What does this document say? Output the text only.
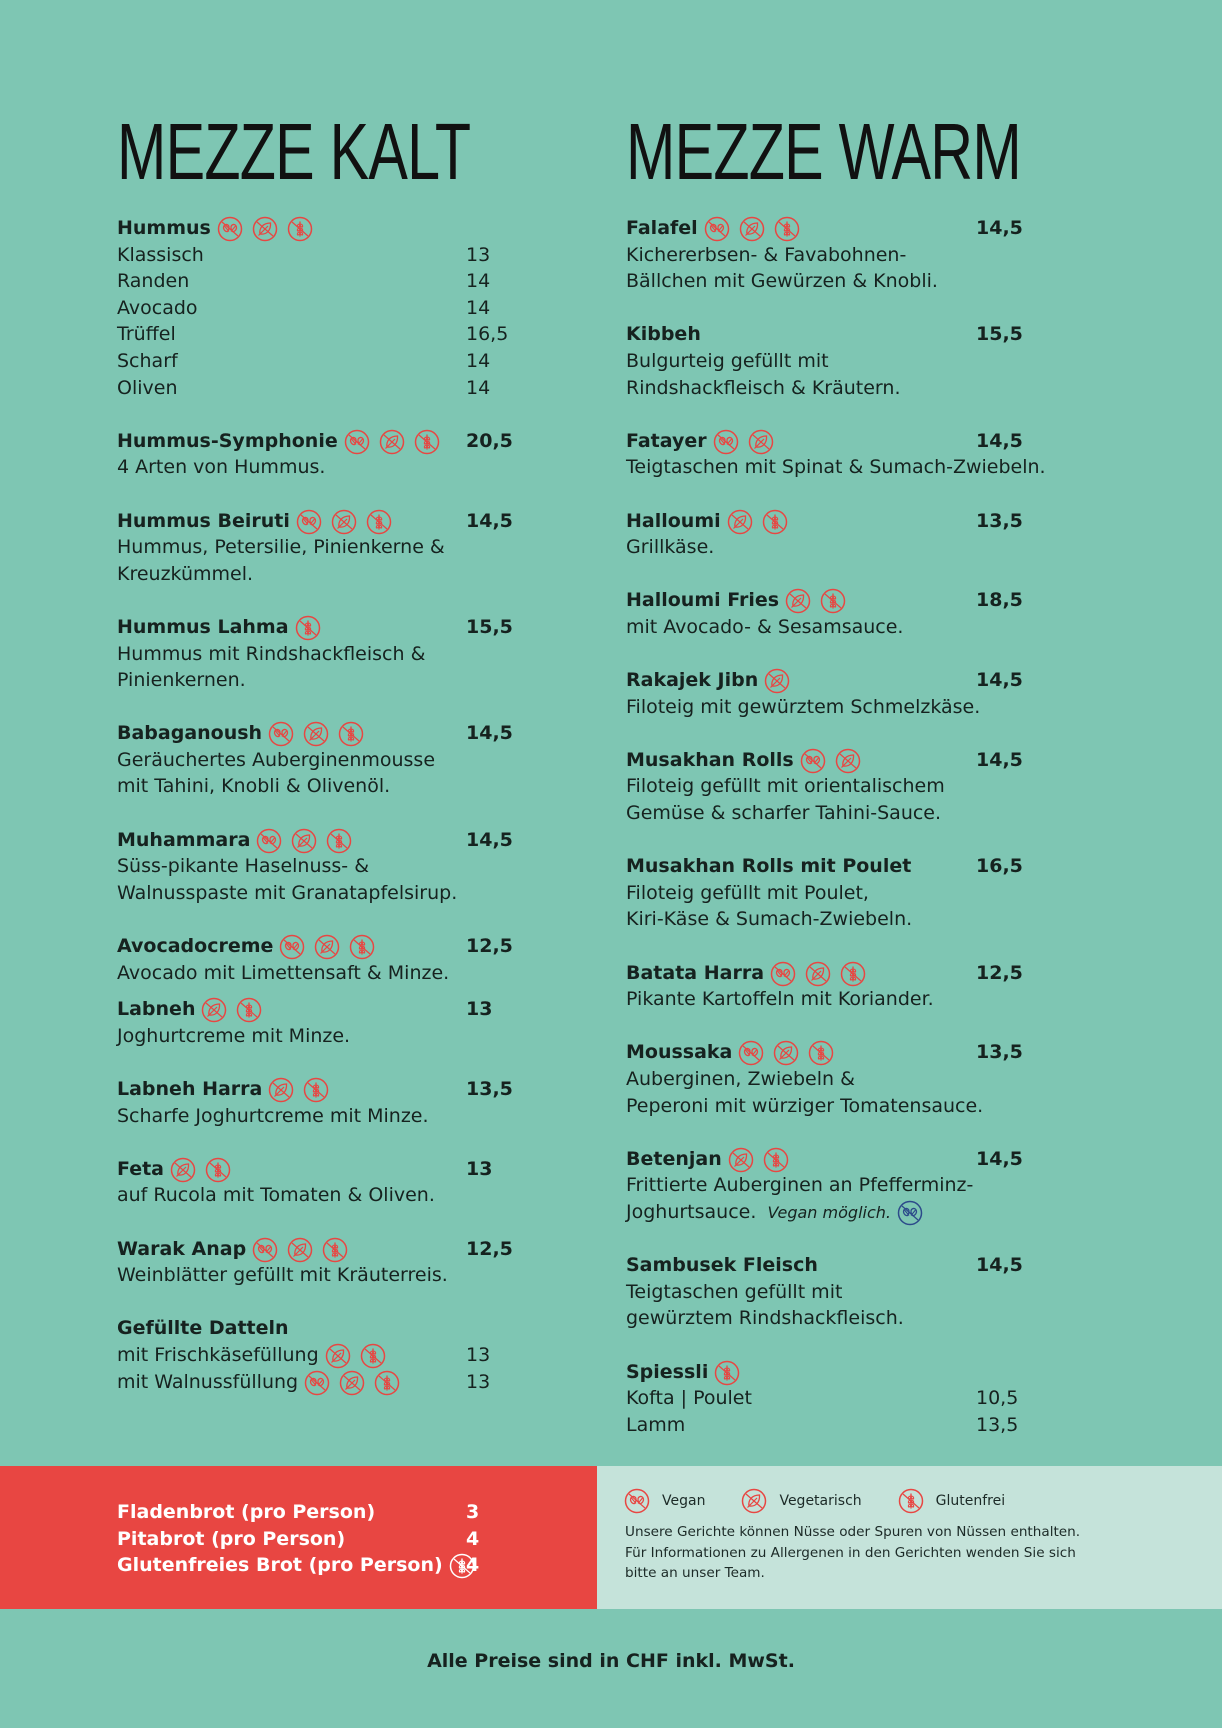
MEZZE KALT
Hummus
Klassisch	13
Randen	14
Avocado	14
Trüffel	16,5
Scharf	14
Oliven	14
Hummus-Symphonie	20,5
4 Arten von Hummus.
Hummus Beiruti	14,5
Hummus, Petersilie, Pinienkerne &
Kreuzkümmel.
Hummus Lahma	15,5
Hummus mit Rindshackfleisch &
Pinienkernen.
Babaganoush	14,5
Geräuchertes Auberginenmousse
mit Tahini, Knobli & Olivenöl.
Muhammara	14,5
Süss-pikante Haselnuss- &
Walnusspaste mit Granatapfelsirup.
Avocadocreme	12,5
Avocado mit Limettensaft & Minze.
Labneh	13
Joghurtcreme mit Minze.
Labneh Harra	13,5
Scharfe Joghurtcreme mit Minze.
Feta	13
auf Rucola mit Tomaten & Oliven.
Warak Anap	12,5
Weinblätter gefüllt mit Kräuterreis.
Gefüllte Datteln
mit Frischkäsefüllung	13
mit Walnussfüllung	13
MEZZE WARM
Falafel	14,5
Kichererbsen- & Favabohnen-
Bällchen mit Gewürzen & Knobli.
Kibbeh	15,5
Bulgurteig gefüllt mit
Rindshackfleisch & Kräutern.
Fatayer	14,5
Teigtaschen mit Spinat & Sumach-Zwiebeln.
Halloumi	13,5
Grillkäse.
Halloumi Fries	18,5
mit Avocado- & Sesamsauce.
Rakajek Jibn	14,5
Filoteig mit gewürztem Schmelzkäse.
Musakhan Rolls	14,5
Filoteig gefüllt mit orientalischem
Gemüse & scharfer Tahini-Sauce.
Musakhan Rolls mit Poulet	16,5
Filoteig gefüllt mit Poulet,
Kiri-Käse & Sumach-Zwiebeln.
Batata Harra	12,5
Pikante Kartoffeln mit Koriander.
Moussaka	13,5
Auberginen, Zwiebeln &
Peperoni mit würziger Tomatensauce.
Betenjan	14,5
Frittierte Auberginen an Pfefferminz-
Joghurtsauce. Vegan möglich.
Sambusek Fleisch	14,5
Teigtaschen gefüllt mit
gewürztem Rindshackfleisch.
Spiessli
Kofta | Poulet	10,5
Lamm	13,5
Fladenbrot (pro Person)	3
Pitabrot (pro Person)	4
Glutenfreies Brot (pro Person) 4
Vegan	Vegetarisch	Glutenfrei
Unsere Gerichte können Nüsse oder Spuren von Nüssen enthalten.
Für Informationen zu Allergenen in den Gerichten wenden Sie sich
bitte an unser Team.
Alle Preise sind in CHF inkl. MwSt.
